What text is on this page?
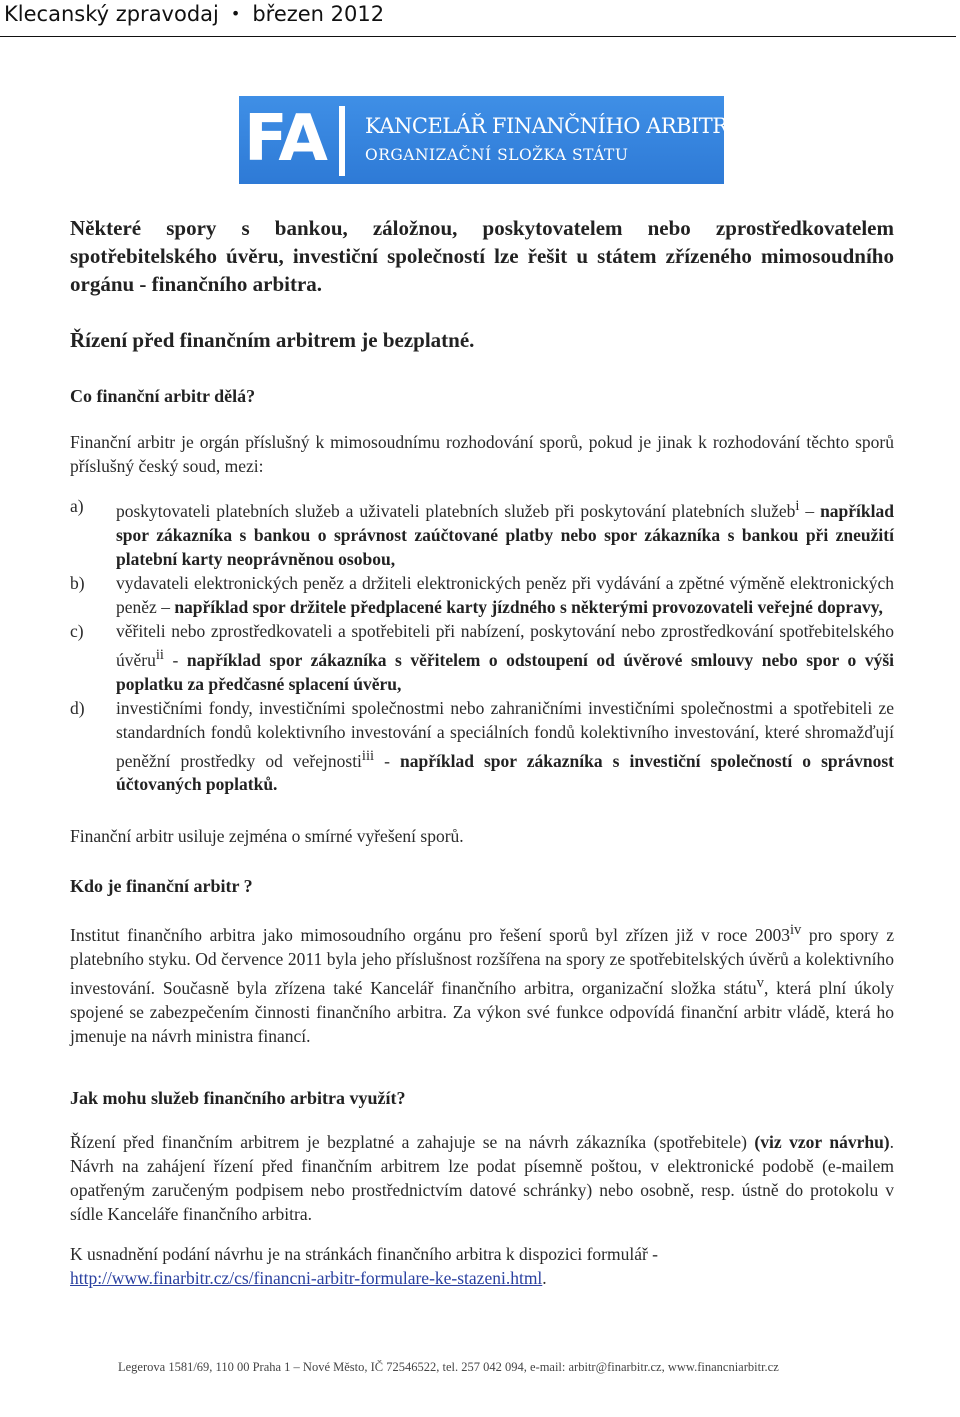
Klecanský zpravodaj • březen 2012
FA KANCELÁŘ FINANČNÍHO ARBITRA
ORGANIZAČNÍ SLOŽKA STÁTU
Některé spory s bankou, záložnou, poskytovatelem nebo zprostředkovatelem spotřebitelského úvěru, investiční společností lze řešit u státem zřízeného mimosoudního orgánu - finančního arbitra.
Řízení před finančním arbitrem je bezplatné.
Co finanční arbitr dělá?
Finanční arbitr je orgán příslušný k mimosoudnímu rozhodování sporů, pokud je jinak k rozhodování těchto sporů příslušný český soud, mezi:
a) poskytovateli platebních služeb a uživateli platebních služeb při poskytování platebních služeb$^i$ – například spor zákazníka s bankou o správnost zaúčtované platby nebo spor zákazníka s bankou při zneužití platební karty neoprávněnou osobou,
b) vydavateli elektronických peněz a držiteli elektronických peněz při vydávání a zpětné výměně elektronických peněz – například spor držitele předplacené karty jízdného s některými provozovateli veřejné dopravy,
c) věřiteli nebo zprostředkovateli a spotřebiteli při nabízení, poskytování nebo zprostředkování spotřebitelského úvěru$^{ii}$ - například spor zákazníka s věřitelem o odstoupení od úvěrové smlouvy nebo spor o výši poplatku za předčasné splacení úvěru,
d) investičními fondy, investičními společnostmi nebo zahraničními investičními společnostmi a spotřebiteli ze standardních fondů kolektivního investování a speciálních fondů kolektivního investování, které shromažďují peněžní prostředky od veřejnosti$^{iii}$ - například spor zákazníka s investiční společností o správnost účtovaných poplatků.
Finanční arbitr usiluje zejména o smírné vyřešení sporů.
Kdo je finanční arbitr ?
Institut finančního arbitra jako mimosoudního orgánu pro řešení sporů byl zřízen již v roce 2003$^{iv}$ pro spory z platebního styku. Od července 2011 byla jeho příslušnost rozšířena na spory ze spotřebitelských úvěrů a kolektivního investování. Současně byla zřízena také Kancelář finančního arbitra, organizační složka státu$^v$, která plní úkoly spojené se zabezpečením činnosti finančního arbitra. Za výkon své funkce odpovídá finanční arbitr vládě, která ho jmenuje na návrh ministra financí.
Jak mohu služeb finančního arbitra využít?
Řízení před finančním arbitrem je bezplatné a zahajuje se na návrh zákazníka (spotřebitele) (viz vzor návrhu). Návrh na zahájení řízení před finančním arbitrem lze podat písemně poštou, v elektronické podobě (e-mailem opatřeným zaručeným podpisem nebo prostřednictvím datové schránky) nebo osobně, resp. ústně do protokolu v sídle Kanceláře finančního arbitra.
K usnadnění podání návrhu je na stránkách finančního arbitra k dispozici formulář -
http://www.finarbitr.cz/cs/financni-arbitr-formulare-ke-stazeni.html.
Legerova 1581/69, 110 00 Praha 1 – Nové Město, IČ 72546522, tel. 257 042 094, e-mail: arbitr@finarbitr.cz, www.financniarbitr.cz
